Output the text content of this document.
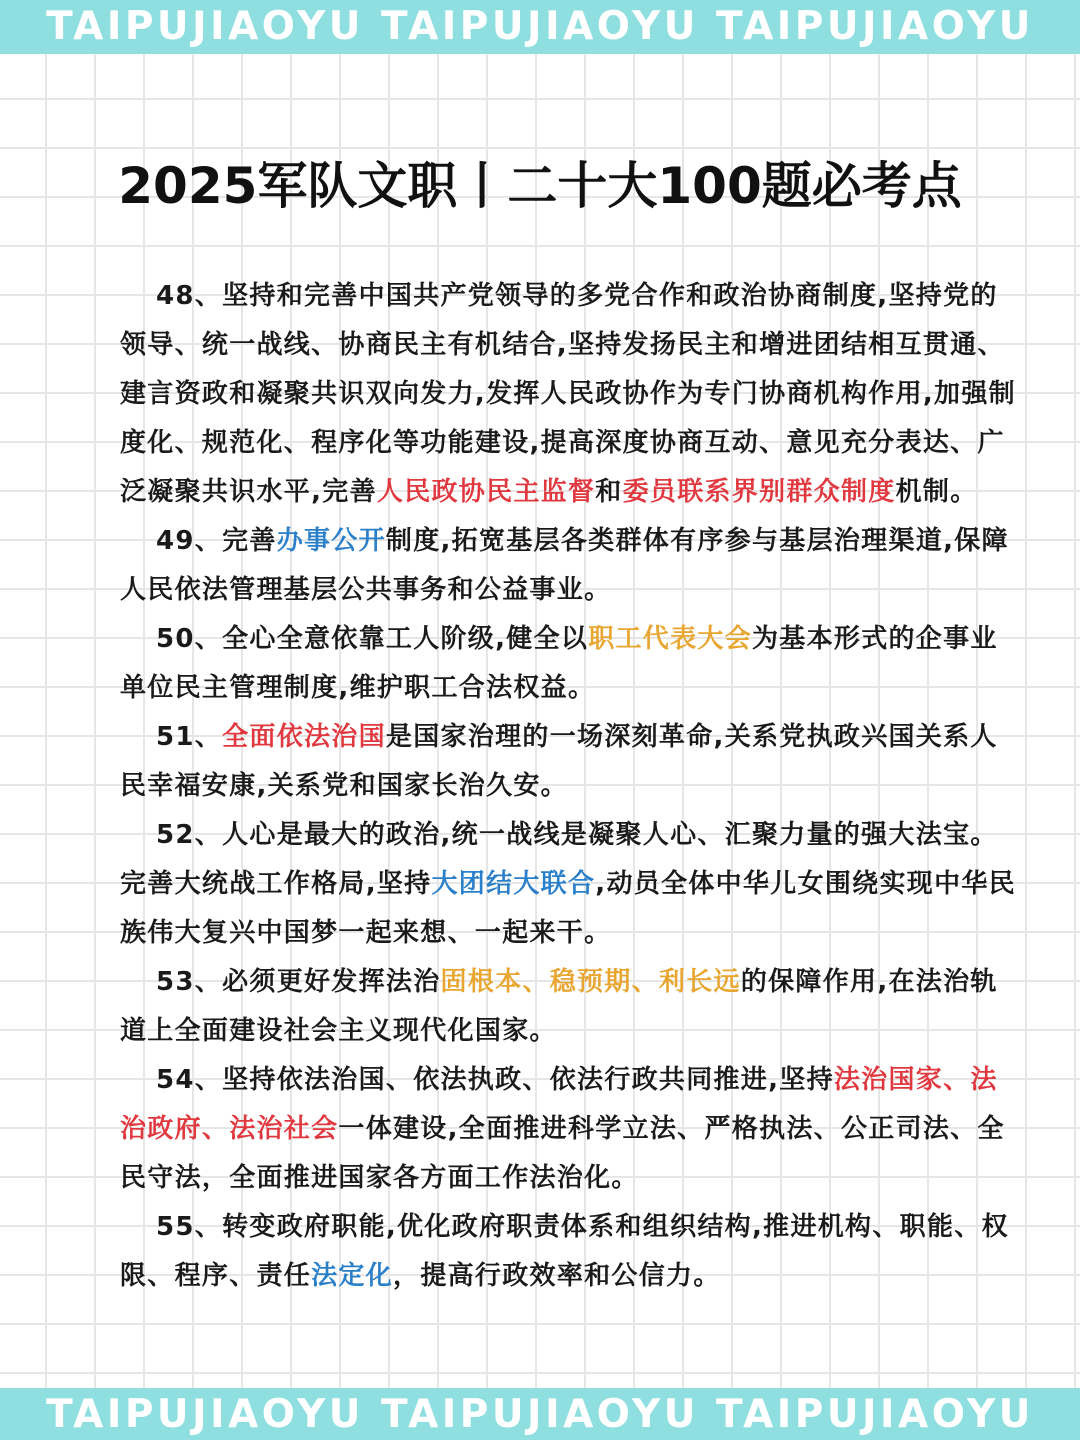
TAIPUJIAOYU TAIPUJIAOYU TAIPUJIAOYU
2025军队文职丨二十大100题必考点

48、坚持和完善中国共产党领导的多党合作和政治协商制度,坚持党的领导、统一战线、协商民主有机结合,坚持发扬民主和增进团结相互贯通、建言资政和凝聚共识双向发力,发挥人民政协作为专门协商机构作用,加强制度化、规范化、程序化等功能建设,提高深度协商互动、意见充分表达、广泛凝聚共识水平,完善人民政协民主监督和委员联系界别群众制度机制。

49、完善办事公开制度,拓宽基层各类群体有序参与基层治理渠道,保障人民依法管理基层公共事务和公益事业。

50、全心全意依靠工人阶级,健全以职工代表大会为基本形式的企事业单位民主管理制度,维护职工合法权益。

51、全面依法治国是国家治理的一场深刻革命,关系党执政兴国关系人民幸福安康,关系党和国家长治久安。

52、人心是最大的政治,统一战线是凝聚人心、汇聚力量的强大法宝。完善大统战工作格局,坚持大团结大联合,动员全体中华儿女围绕实现中华民族伟大复兴中国梦一起来想、一起来干。

53、必须更好发挥法治固根本、稳预期、利长远的保障作用,在法治轨道上全面建设社会主义现代化国家。

54、坚持依法治国、依法执政、依法行政共同推进,坚持法治国家、法治政府、法治社会一体建设,全面推进科学立法、严格执法、公正司法、全民守法，全面推进国家各方面工作法治化。

55、转变政府职能,优化政府职责体系和组织结构,推进机构、职能、权限、程序、责任法定化，提高行政效率和公信力。

TAIPUJIAOYU TAIPUJIAOYU TAIPUJIAOYU
